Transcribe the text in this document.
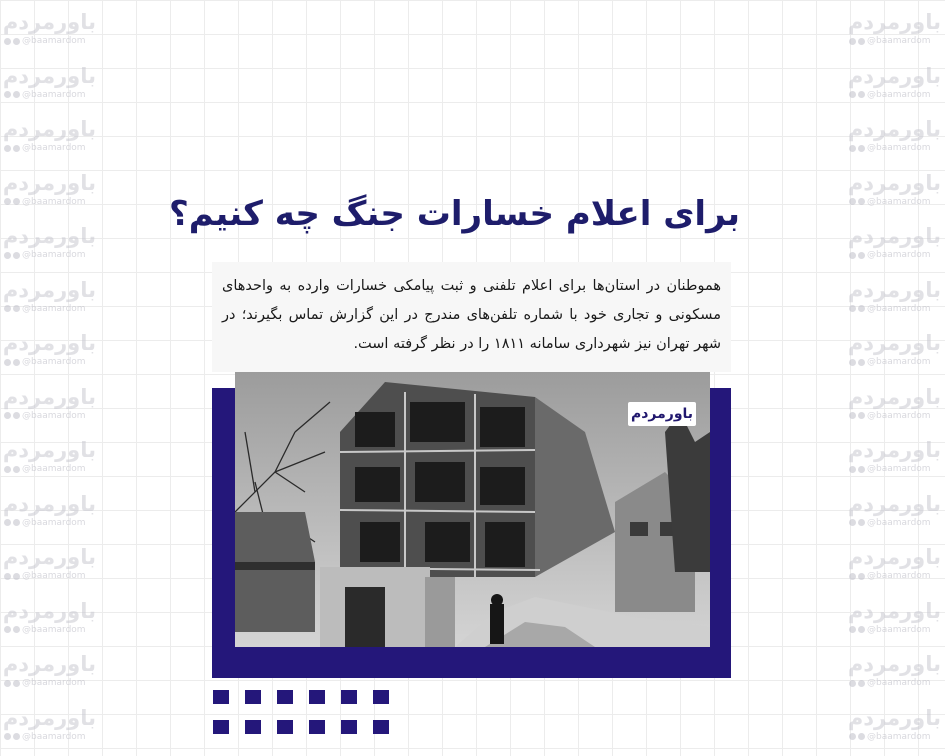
باورمردم
@baamardom
باورمردم
@baamardom
باورمردم
@baamardom
باورمردم
@baamardom
باورمردم
@baamardom
باورمردم
@baamardom
باورمردم
@baamardom
باورمردم
@baamardom
باورمردم
@baamardom
باورمردم
@baamardom
باورمردم
@baamardom
باورمردم
@baamardom
باورمردم
@baamardom
باورمردم
@baamardom
باورمردم
@baamardom
باورمردم
@baamardom
باورمردم
@baamardom
باورمردم
@baamardom
باورمردم
@baamardom
باورمردم
@baamardom
باورمردم
@baamardom
باورمردم
@baamardom
باورمردم
@baamardom
باورمردم
@baamardom
باورمردم
@baamardom
باورمردم
@baamardom
باورمردم
@baamardom
باورمردم
@baamardom
برای اعلام خسارات جنگ چه کنیم؟
هموطنان در استان‌ها برای اعلام تلفنی و ثبت پیامکی خسارات وارده به واحدهای مسکونی و تجاری خود با شماره تلفن‌های مندرج در این گزارش تماس بگیرند؛ در شهر تهران نیز شهرداری سامانه ۱۸۱۱ را در نظر گرفته است.
باورمردم
